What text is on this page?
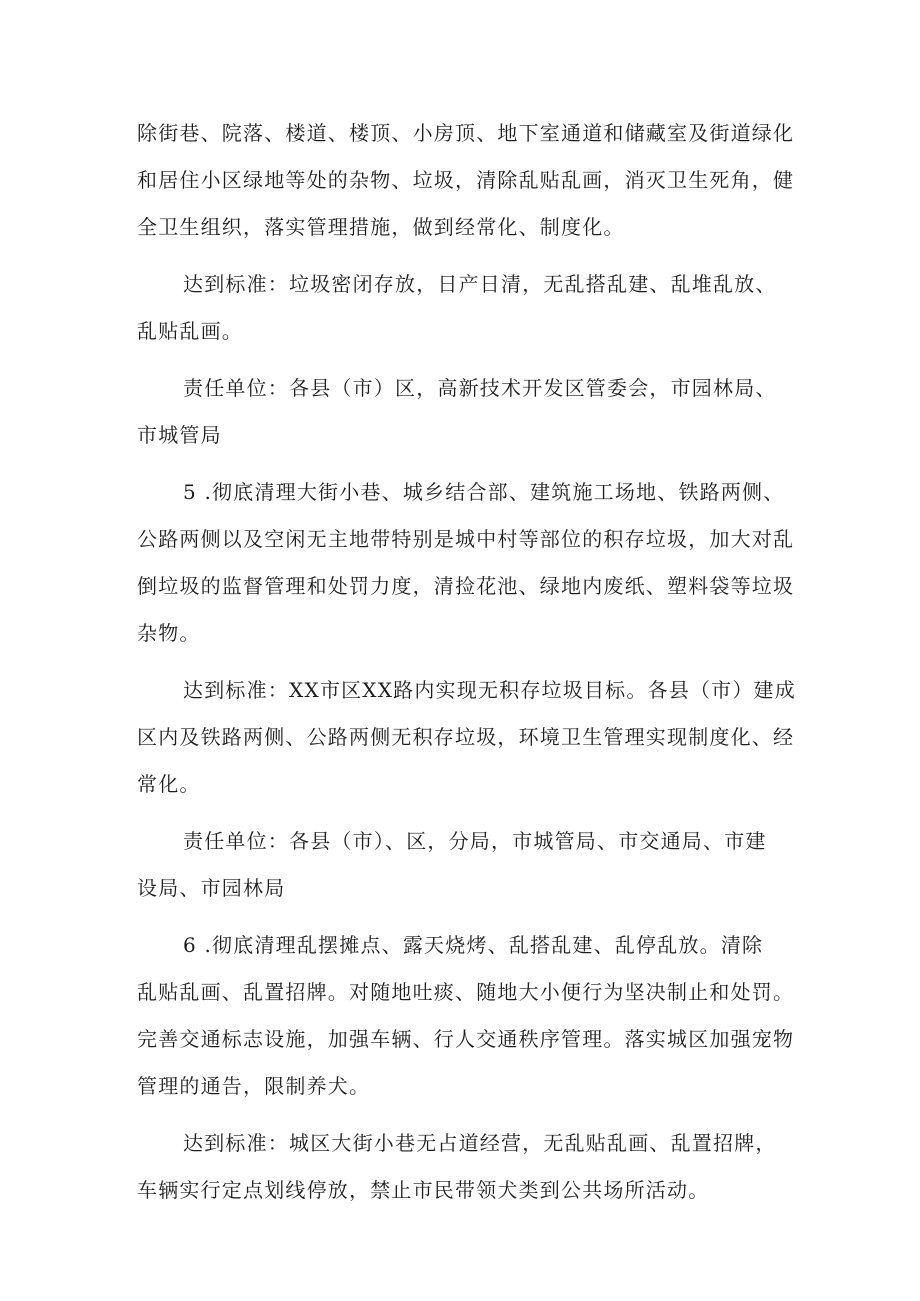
除街巷、院落、楼道、楼顶、小房顶、地下室通道和储藏室及街道绿化
和居住小区绿地等处的杂物、垃圾，清除乱贴乱画，消灭卫生死角，健
全卫生组织，落实管理措施，做到经常化、制度化。

达到标准：垃圾密闭存放，日产日清，无乱搭乱建、乱堆乱放、
乱贴乱画。

责任单位：各县（市）区，高新技术开发区管委会，市园林局、
市城管局

5 .彻底清理大街小巷、城乡结合部、建筑施工场地、铁路两侧、
公路两侧以及空闲无主地带特别是城中村等部位的积存垃圾，加大对乱
倒垃圾的监督管理和处罚力度，清捡花池、绿地内废纸、塑料袋等垃圾
杂物。

达到标准：XX市区XX路内实现无积存垃圾目标。各县（市）建成
区内及铁路两侧、公路两侧无积存垃圾，环境卫生管理实现制度化、经
常化。

责任单位：各县（市）、区，分局，市城管局、市交通局、市建
设局、市园林局

6 .彻底清理乱摆摊点、露天烧烤、乱搭乱建、乱停乱放。清除
乱贴乱画、乱置招牌。对随地吐痰、随地大小便行为坚决制止和处罚。
完善交通标志设施，加强车辆、行人交通秩序管理。落实城区加强宠物
管理的通告，限制养犬。

达到标准：城区大街小巷无占道经营，无乱贴乱画、乱置招牌，
车辆实行定点划线停放，禁止市民带领犬类到公共场所活动。
